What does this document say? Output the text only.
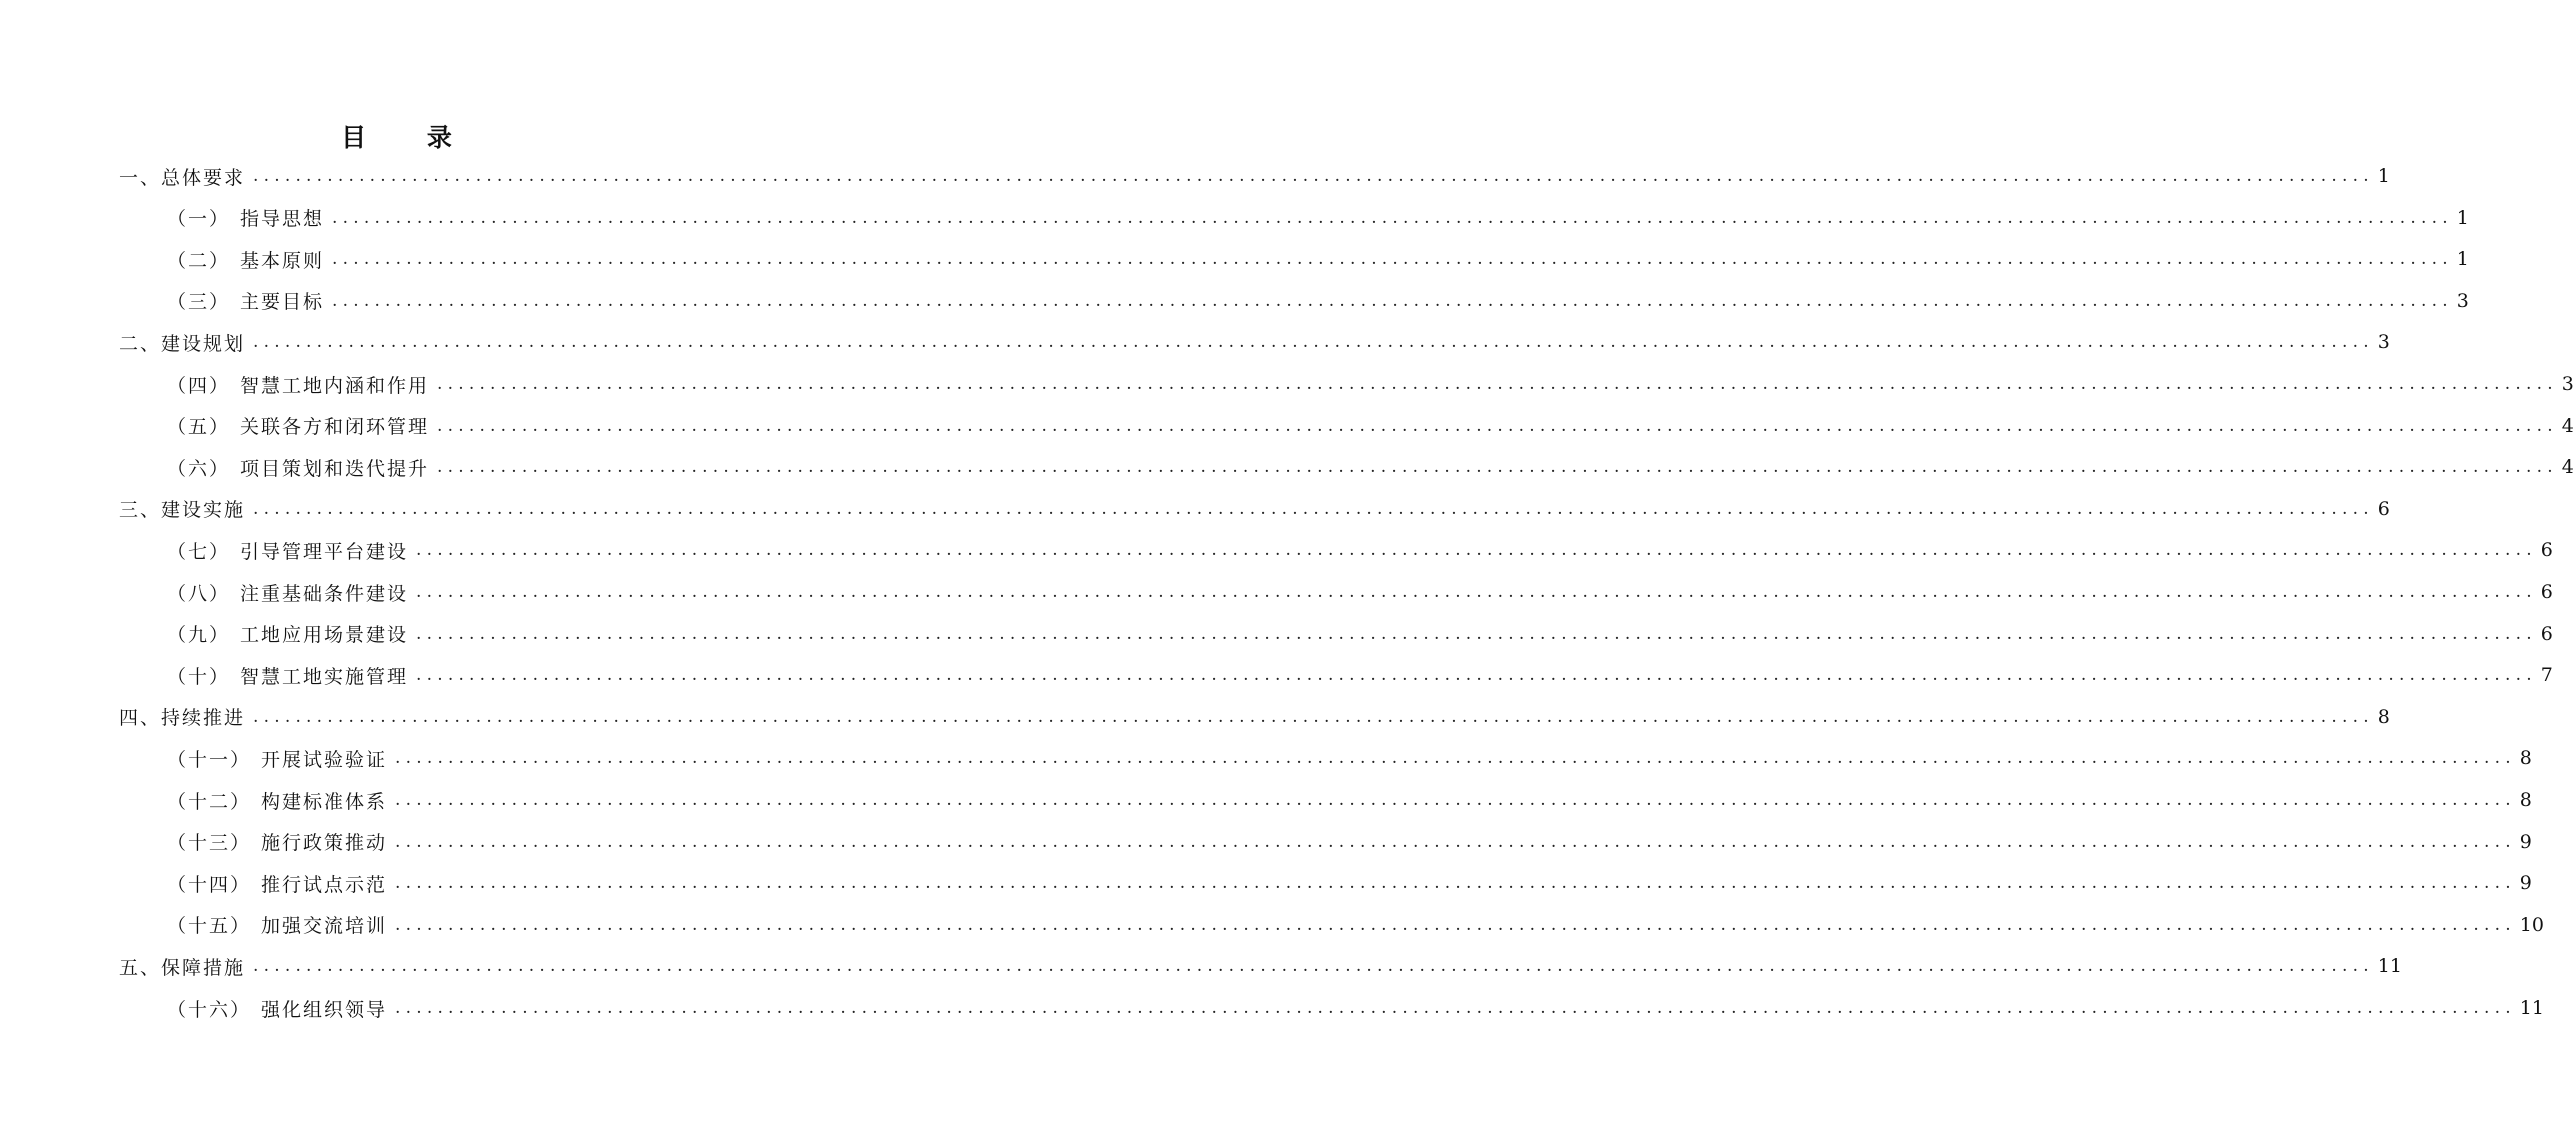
目 录
一、 总体要求 ........................................................................................................................................................................................................ 1
（一） 指导思想 ........................................................................................................................................................................................................ 1
（二） 基本原则 ........................................................................................................................................................................................................ 1
（三） 主要目标 ........................................................................................................................................................................................................ 3
二、 建设规划 ........................................................................................................................................................................................................ 3
（四） 智慧工地内涵和作用 ........................................................................................................................................................................................................ 3
（五） 关联各方和闭环管理 ........................................................................................................................................................................................................ 4
（六） 项目策划和迭代提升 ........................................................................................................................................................................................................ 4
三、 建设实施 ........................................................................................................................................................................................................ 6
（七） 引导管理平台建设 ........................................................................................................................................................................................................ 6
（八） 注重基础条件建设 ........................................................................................................................................................................................................ 6
（九） 工地应用场景建设 ........................................................................................................................................................................................................ 6
（十） 智慧工地实施管理 ........................................................................................................................................................................................................ 7
四、 持续推进 ........................................................................................................................................................................................................ 8
（十一） 开展试验验证 ........................................................................................................................................................................................................ 8
（十二） 构建标准体系 ........................................................................................................................................................................................................ 8
（十三） 施行政策推动 ........................................................................................................................................................................................................ 9
（十四） 推行试点示范 ........................................................................................................................................................................................................ 9
（十五） 加强交流培训 ........................................................................................................................................................................................................ 10
五、 保障措施 ........................................................................................................................................................................................................ 11
（十六） 强化组织领导 ........................................................................................................................................................................................................ 11
